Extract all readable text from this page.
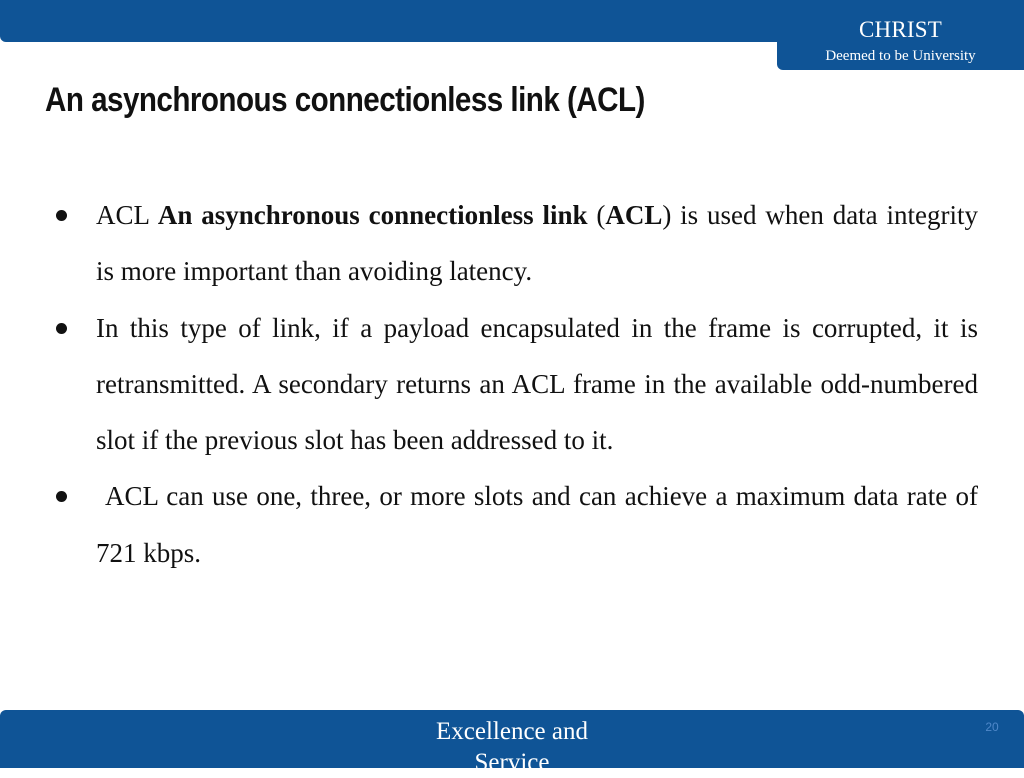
CHRIST
Deemed to be University
An asynchronous connectionless link (ACL)
ACL An asynchronous connectionless link (ACL) is used when data integrity is more important than avoiding latency.
In this type of link, if a payload encapsulated in the frame is corrupted, it is retransmitted. A secondary returns an ACL frame in the available odd-numbered slot if the previous slot has been addressed to it.
ACL can use one, three, or more slots and can achieve a maximum data rate of 721 kbps.
Excellence and Service
20
